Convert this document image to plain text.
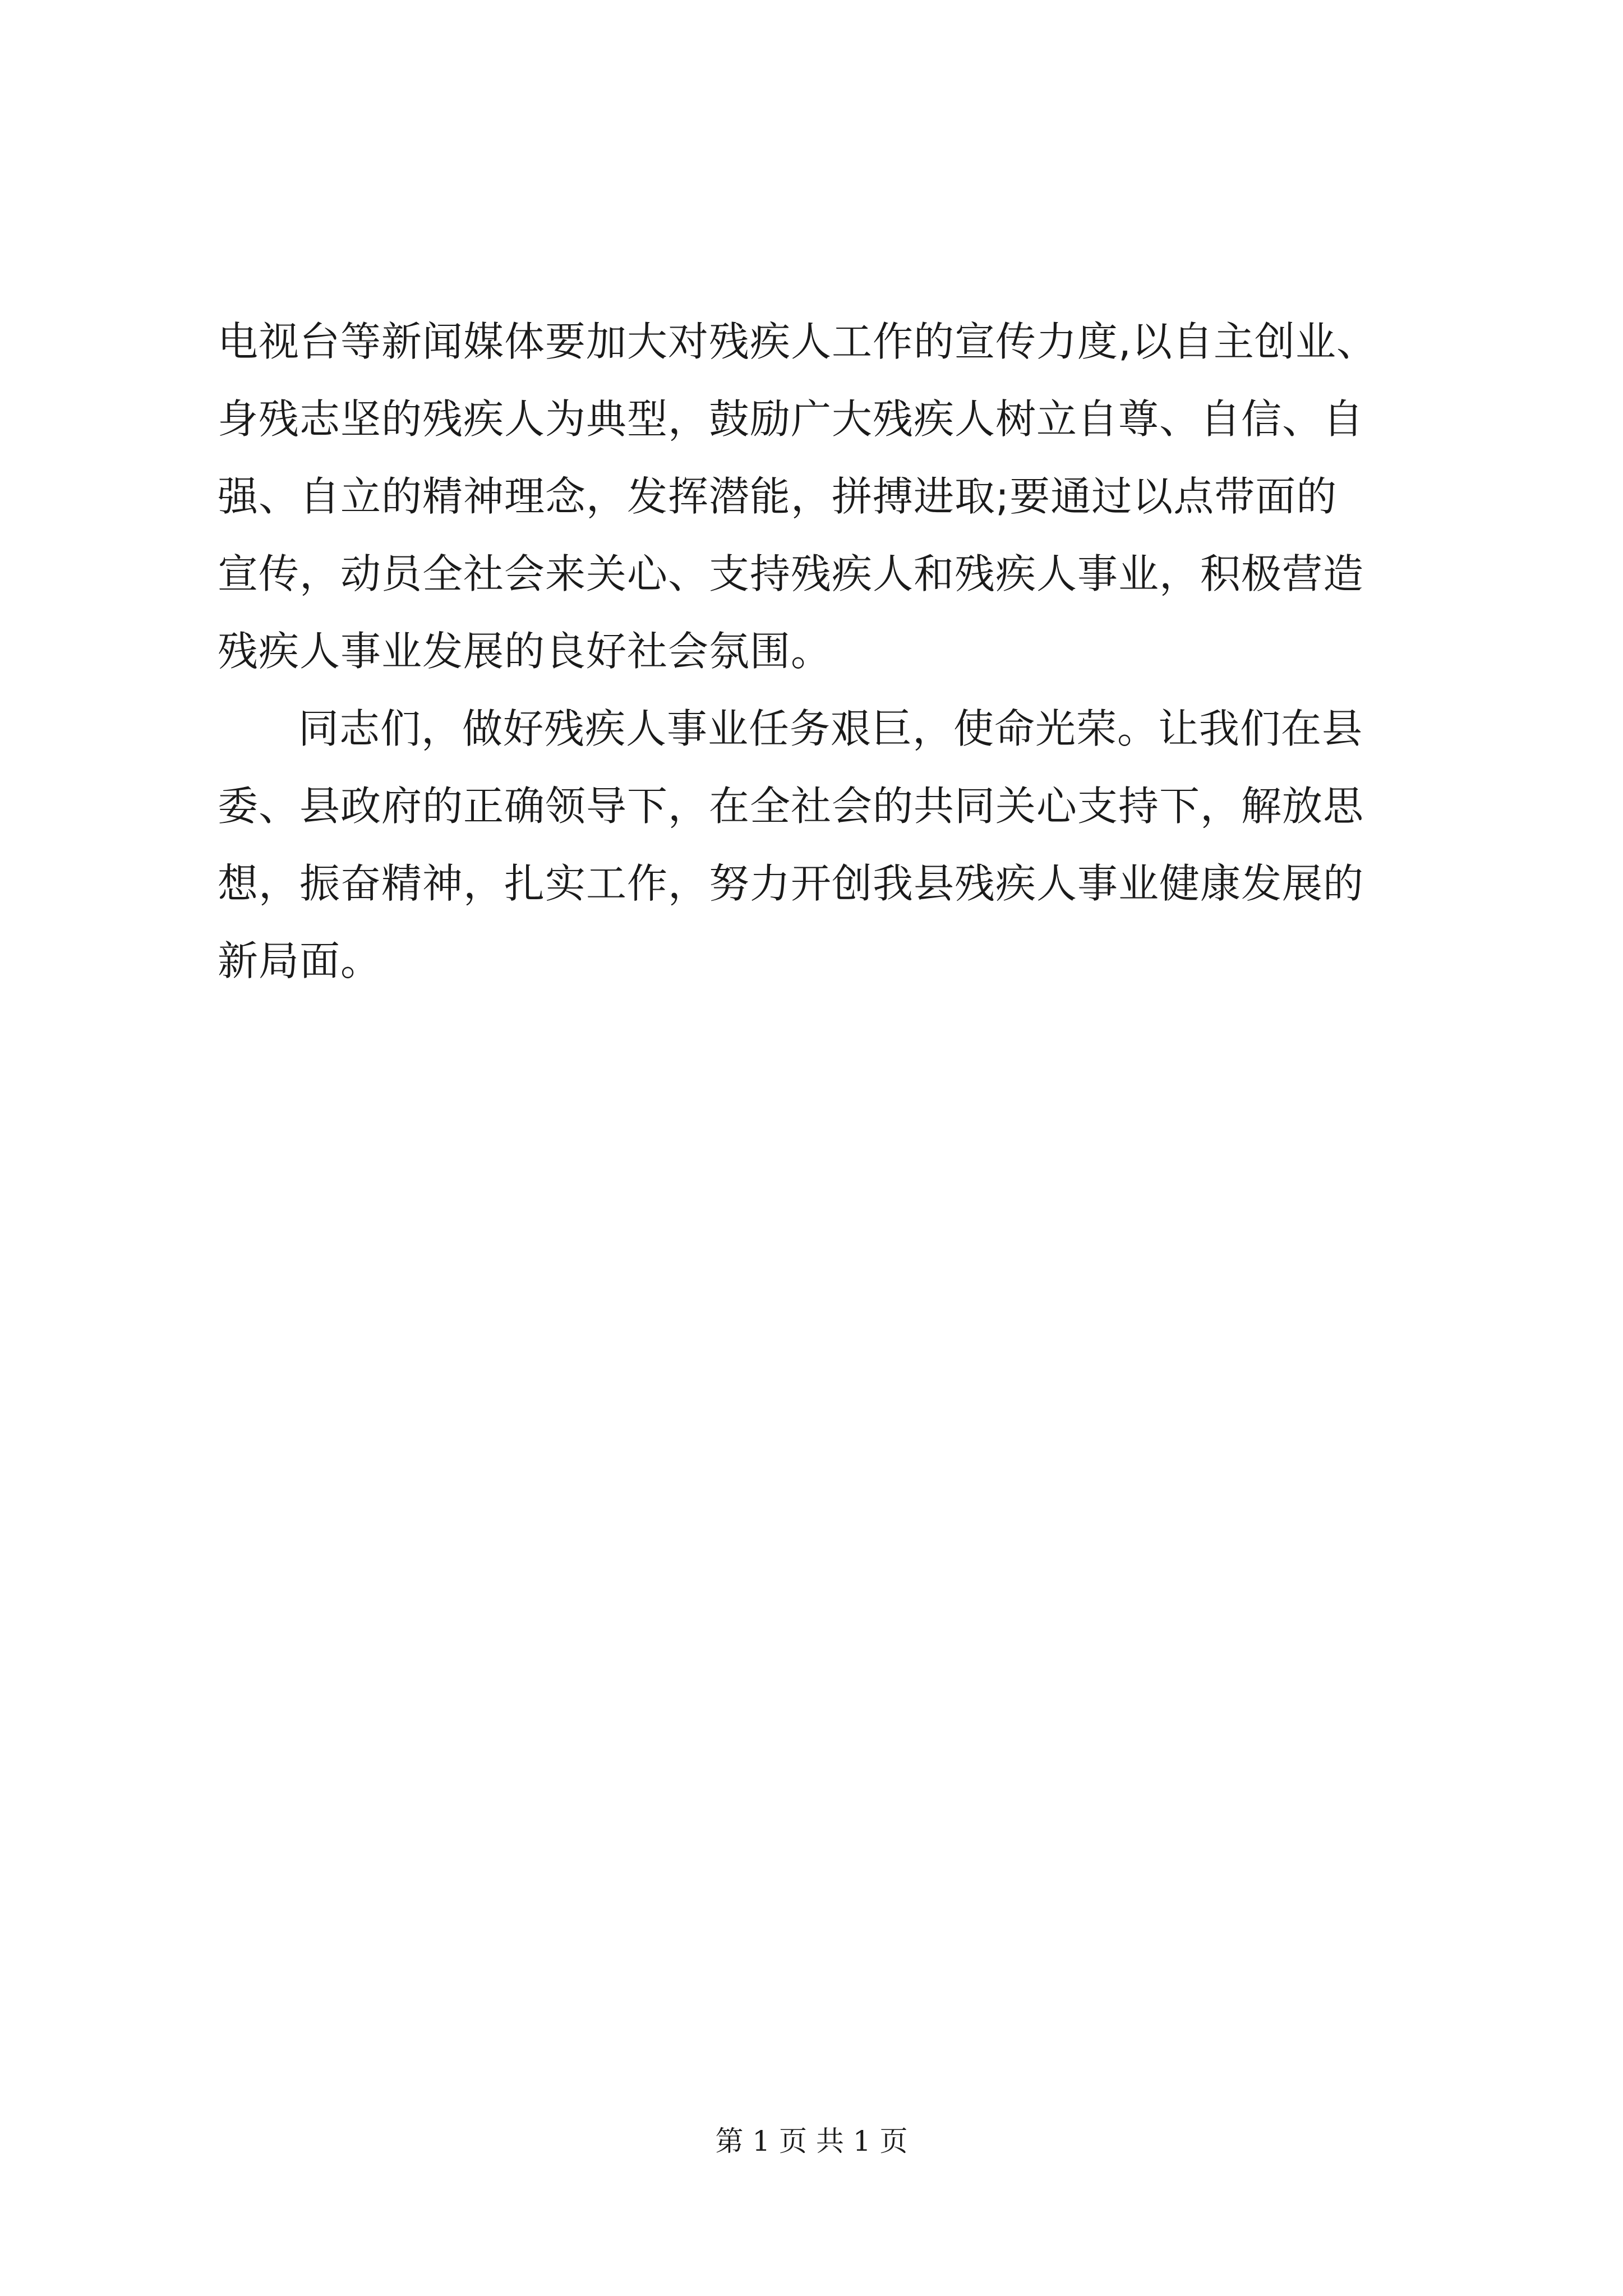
电视台等新闻媒体要加大对残疾人工作的宣传力度,以自主创业、
身残志坚的残疾人为典型，鼓励广大残疾人树立自尊、自信、自
强、自立的精神理念，发挥潜能，拼搏进取;要通过以点带面的
宣传，动员全社会来关心、支持残疾人和残疾人事业，积极营造
残疾人事业发展的良好社会氛围。
同志们，做好残疾人事业任务艰巨，使命光荣。让我们在县
委、县政府的正确领导下，在全社会的共同关心支持下，解放思
想，振奋精神，扎实工作，努力开创我县残疾人事业健康发展的
新局面。
第 1 页 共 1 页
